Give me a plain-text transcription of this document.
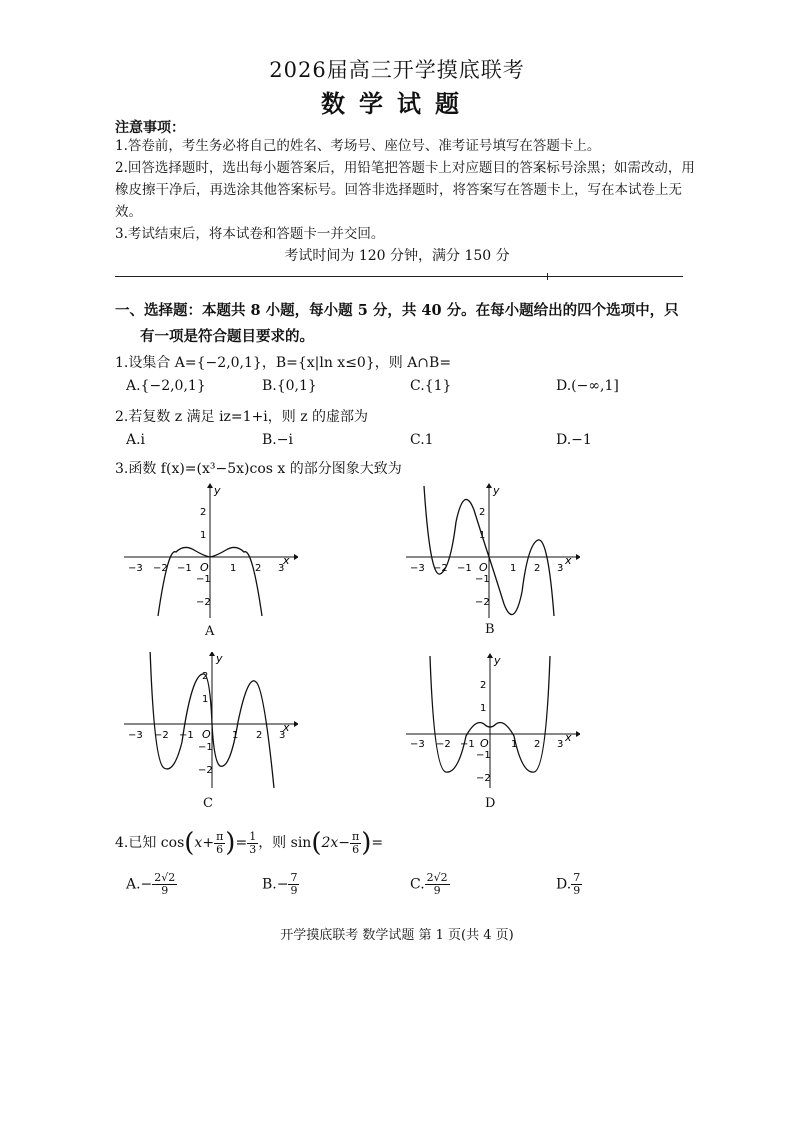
2026届高三开学摸底联考
数学试题
注意事项：
1.答卷前，考生务必将自己的姓名、考场号、座位号、准考证号填写在答题卡上。
2.回答选择题时，选出每小题答案后，用铅笔把答题卡上对应题目的答案标号涂黑；如需改动，用橡皮擦干净后，再选涂其他答案标号。回答非选择题时，将答案写在答题卡上，写在本试卷上无效。
3.考试结束后，将本试卷和答题卡一并交回。
考试时间为 120 分钟，满分 150 分
一、选择题：本题共 8 小题，每小题 5 分，共 40 分。在每小题给出的四个选项中，只
有一项是符合题目要求的。
1.设集合 A={−2,0,1}，B={x|ln x≤0}，则 A∩B=
A.{−2,0,1}	B.{0,1}	C.{1}	D.(−∞,1]
2.若复数 z 满足 iz=1+i，则 z 的虚部为
A.i	B.−i	C.1	D.−1
3.函数 f(x)=(x³−5x)cos x 的部分图象大致为
y
x
O
−3 −2 −1	1 2 3
2
1
−1
−2
A
y
x
O
−3 −2 −1	1 2 3
2
1
−1
−2
B
y
x
O
−3 −2 −1	1 2 3
2
1
−1
−2
C
y
x
O
−3 −2 −1	1 2 3
2
1
−1
−2
D
4.已知 $\cos(x+ \frac{\pi}{6}$ )= $\frac{1}{3}$ ，则 $\sin(2x- \frac{\pi}{6}$ )=
$A.- \frac{2√2}{9}$	$B.- \frac{7}{9}$	C. $\frac{2√2}{9}$	D. $\frac{7}{9}$
开学摸底联考 数学试题 第 1 页(共 4 页)
